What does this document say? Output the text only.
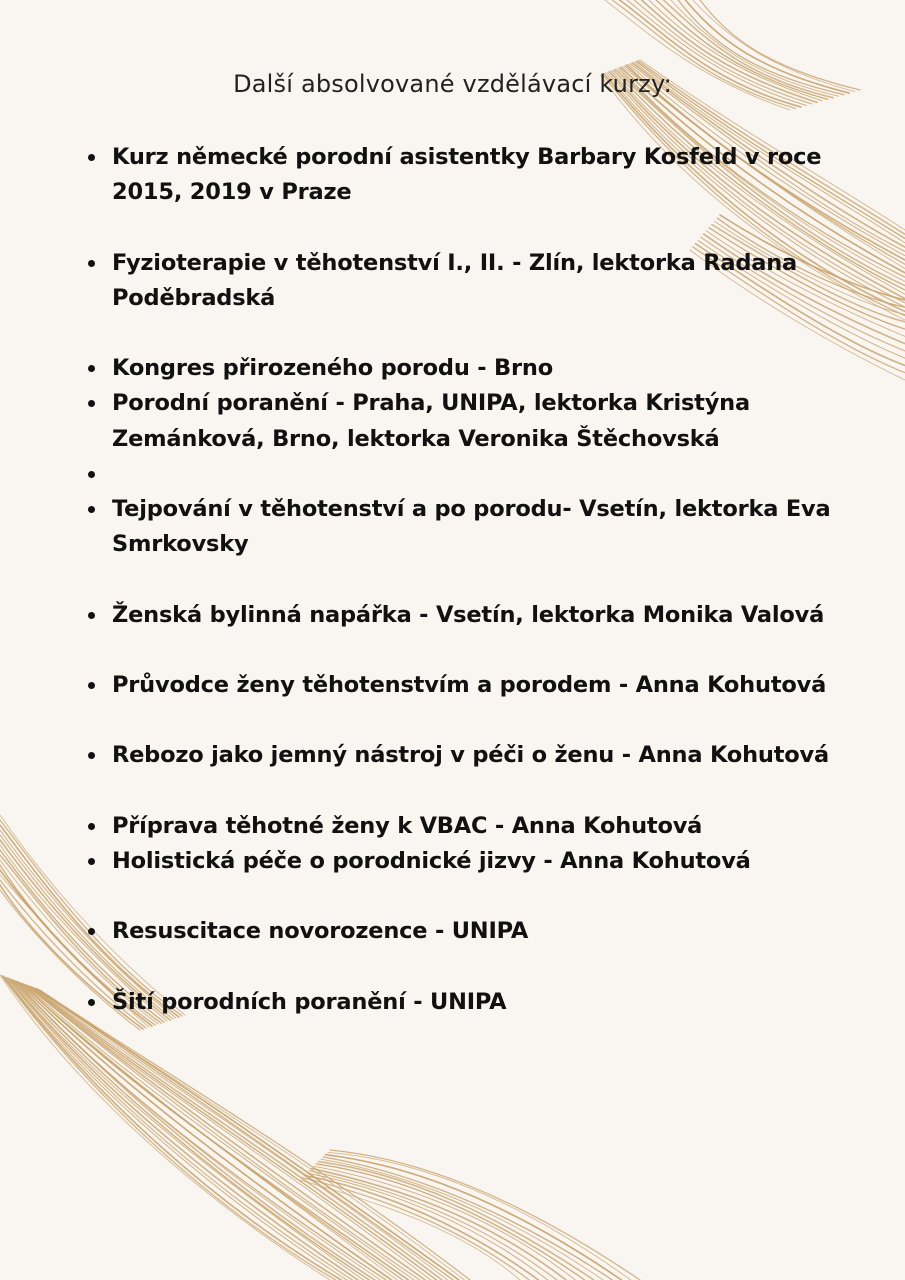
Další absolvované vzdělávací kurzy:
Kurz německé porodní asistentky Barbary Kosfeld v roce 2015, 2019 v Praze
Fyzioterapie v těhotenství I., II. - Zlín, lektorka Radana Poděbradská
Kongres přirozeného porodu - Brno
Porodní poranění - Praha, UNIPA, lektorka Kristýna Zemánková, Brno, lektorka Veronika Štěchovská

Tejpování v těhotenství a po porodu- Vsetín, lektorka Eva Smrkovsky
Ženská bylinná napářka - Vsetín, lektorka Monika Valová
Průvodce ženy těhotenstvím a porodem - Anna Kohutová
Rebozo jako jemný nástroj v péči o ženu - Anna Kohutová
Příprava těhotné ženy k VBAC - Anna Kohutová
Holistická péče o porodnické jizvy - Anna Kohutová
Resuscitace novorozence - UNIPA
Šití porodních poranění - UNIPA
